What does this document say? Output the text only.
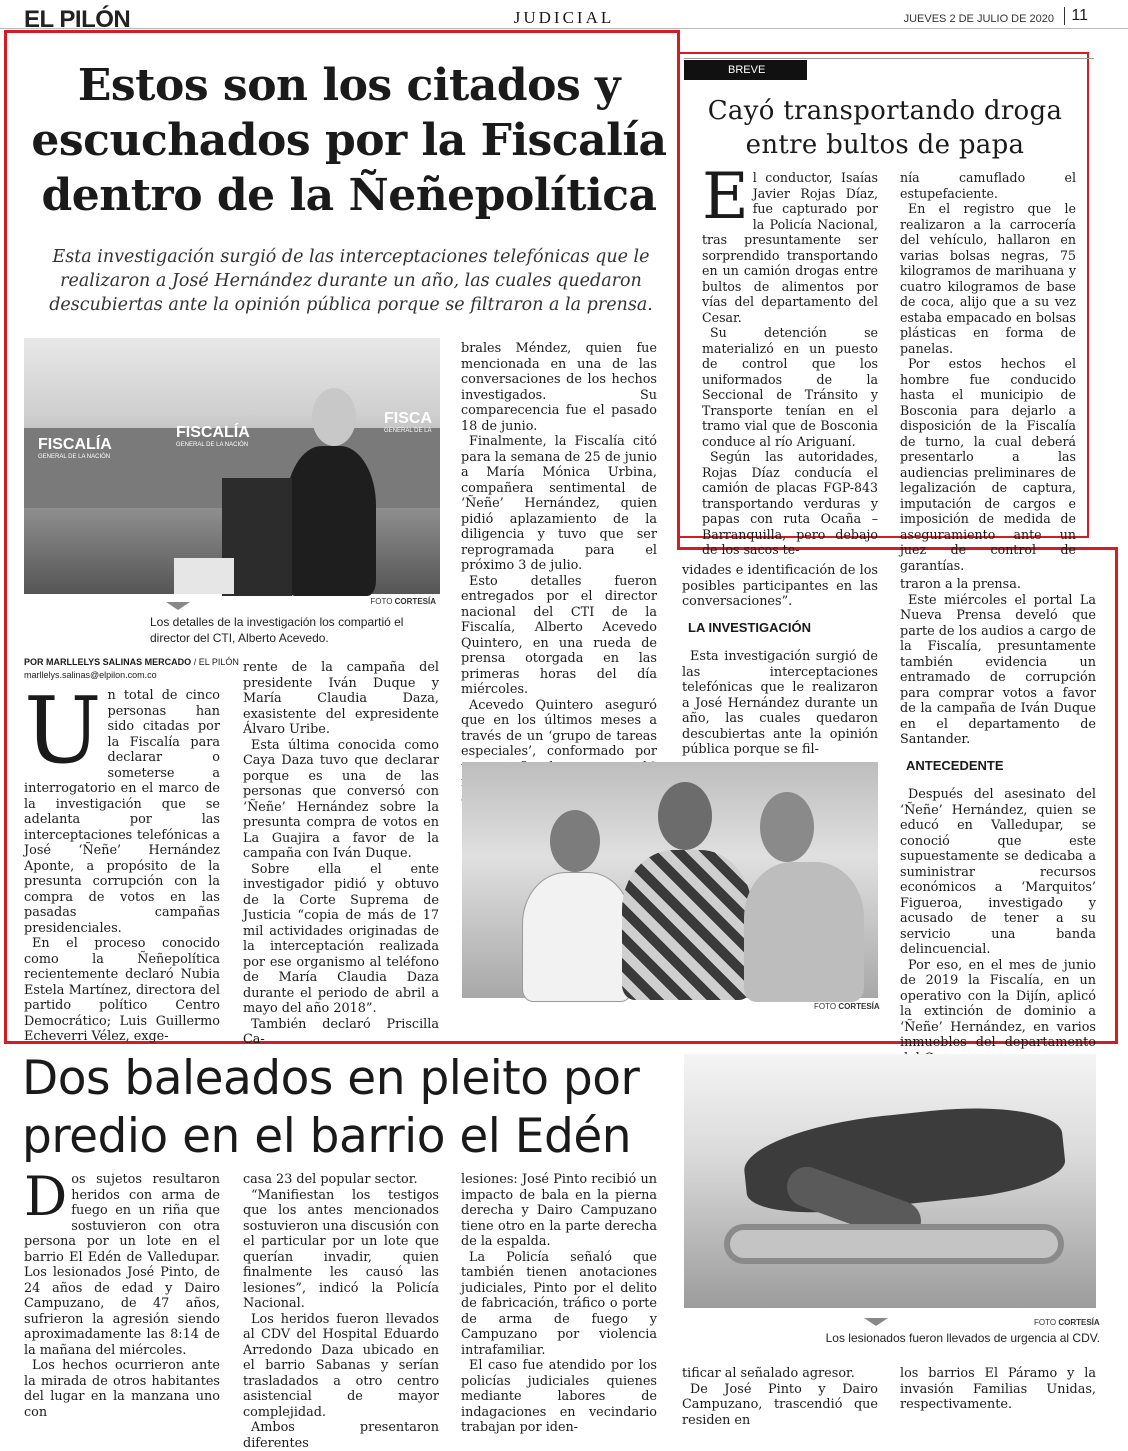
EL PILÓN	JUDICIAL	JUEVES 2 DE JULIO DE 2020	11
Estos son los citados y escuchados por la Fiscalía dentro de la Ñeñepolítica
Esta investigación surgió de las interceptaciones telefónicas que le realizaron a José Hernández durante un año, las cuales quedaron descubiertas ante la opinión pública porque se filtraron a la prensa.
FISCALÍA
GENERAL DE LA NACIÓN
FISCALÍA
GENERAL DE LA NACIÓN
FISCA
GENERAL DE LA
FOTO CORTESÍA
Los detalles de la investigación los compartió el director del CTI, Alberto Acevedo.
POR MARLLELYS SALINAS MERCADO / EL PILÓN
marllelys.salinas@elpilon.com.co
U n total de cinco personas han sido citadas por la Fiscalía para declarar o someterse a interrogatorio en el marco de la investigación que se adelanta por las interceptaciones telefónicas a José ‘Ñeñe’ Hernández Aponte, a propósito de la presunta corrupción con la compra de votos en las pasadas campañas presidenciales.

En el proceso conocido como la Ñeñepolítica recientemente declaró Nubia Estela Martínez, directora del partido político Centro Democrático; Luis Guillermo Echeverri Vélez, exge-

rente de la campaña del presidente Iván Duque y María Claudia Daza, exasistente del expresidente Álvaro Uribe.

Esta última conocida como Caya Daza tuvo que declarar porque es una de las personas que conversó con ‘Ñeñe’ Hernández sobre la presunta compra de votos en La Guajira a favor de la campaña con Iván Duque.

Sobre ella el ente investigador pidió y obtuvo de la Corte Suprema de Justicia “copia de más de 17 mil actividades originadas de la interceptación realizada por ese organismo al teléfono de María Claudia Daza durante el periodo de abril a mayo del año 2018”.

También declaró Priscilla Ca-

brales Méndez, quien fue mencionada en una de las conversaciones de los hechos investigados. Su comparecencia fue el pasado 18 de junio.

Finalmente, la Fiscalía citó para la semana de 25 de junio a María Mónica Urbina, compañera sentimental de ‘Ñeñe’ Hernández, quien pidió aplazamiento de la diligencia y tuvo que ser reprogramada para el próximo 3 de julio.

Esto detalles fueron entregados por el director nacional del CTI de la Fiscalía, Alberto Acevedo Quintero, en una rueda de prensa otorgada en las primeras horas del día miércoles.

Acevedo Quintero aseguró que en los últimos meses a través de un ‘grupo de tareas especiales’, conformado por

vidades e identificación de los posibles participantes en las conversaciones”.

LA INVESTIGACIÓN

Esta investigación surgió de las interceptaciones telefónicas que le realizaron a José Hernández durante un año, las cuales quedaron descubiertas ante la opinión pública porque se fil-

traron a la prensa.

Este miércoles el portal La Nueva Prensa develó que parte de los audios a cargo de la Fiscalía, presuntamente también evidencia un entramado de corrupción para comprar votos a favor de la campaña de Iván Duque en el departamento de Santander.

ANTECEDENTE

Después del asesinato del ‘Ñeñe’ Hernández, quien se educó en Valledupar, se conoció que este supuestamente se dedicaba a suministrar recursos económicos a ‘Marquitos’ Figueroa, investigado y acusado de tener a su servicio una banda delincuencial.

Por eso, en el mes de junio de 2019 la Fiscalía, en un operativo con la Dijín, aplicó la extinción de dominio a ‘Ñeñe’ Hernández, en varios inmuebles del departamento

FOTO CORTESÍA
BREVE
Cayó transportando droga entre bultos de papa
E l conductor, Isaías Javier Rojas Díaz, fue capturado por la Policía Nacional, tras presuntamente ser sorprendido transportando en un camión drogas entre bultos de alimentos por vías del departamento del Cesar.

Su detención se materializó en un puesto de control que los uniformados de la Seccional de Tránsito y Transporte tenían en el tramo vial que de Bosconia conduce al río Ariguaní.

Según las autoridades, Rojas Díaz conducía el camión de placas FGP-843 transportando verduras y papas con ruta Ocaña – Barranquilla, pero debajo de los sacos te-

nía camuflado el estupefaciente.

En el registro que le realizaron a la carrocería del vehículo, hallaron en varias bolsas negras, 75 kilogramos de marihuana y cuatro kilogramos de base de coca, alijo que a su vez estaba empacado en bolsas plásticas en forma de panelas.

Por estos hechos el hombre fue conducido hasta el municipio de Bosconia para dejarlo a disposición de la Fiscalía de turno, la cual deberá presentarlo a las audiencias preliminares de legalización de captura, imputación de cargos e imposición de medida de aseguramiento ante un juez de control de garantías.

Dos baleados en pleito por predio en el barrio el Edén
D os sujetos resultaron heridos con arma de fuego en un riña que sostuvieron con otra persona por un lote en el barrio El Edén de Valledupar. Los lesionados José Pinto, de 24 años de edad y Dairo Campuzano, de 47 años, sufrieron la agresión siendo aproximadamente las 8:14 de la mañana del miércoles.

Los hechos ocurrieron ante la mirada de otros habitantes del lugar en la manzana uno con

casa 23 del popular sector.

“Manifiestan los testigos que los antes mencionados sostuvieron una discusión con el particular por un lote que querían invadir, quien finalmente les causó las lesiones”, indicó la Policía Nacional.

Los heridos fueron llevados al CDV del Hospital Eduardo Arredondo Daza ubicado en el barrio Sabanas y serían trasladados a otro centro asistencial de mayor complejidad.

Ambos presentaron diferentes

lesiones: José Pinto recibió un impacto de bala en la pierna derecha y Dairo Campuzano tiene otro en la parte derecha de la espalda.

La Policía señaló que también tienen anotaciones judiciales, Pinto por el delito de fabricación, tráfico o porte de arma de fuego y Campuzano por violencia intrafamiliar.

El caso fue atendido por los policías judiciales quienes mediante labores de indagaciones en vecindario trabajan por iden-

tificar al señalado agresor.

De José Pinto y Dairo Campuzano, trascendió que residen en

los barrios El Páramo y la invasión Familias Unidas, respectivamente.

FOTO CORTESÍA
Los lesionados fueron llevados de urgencia al CDV.
